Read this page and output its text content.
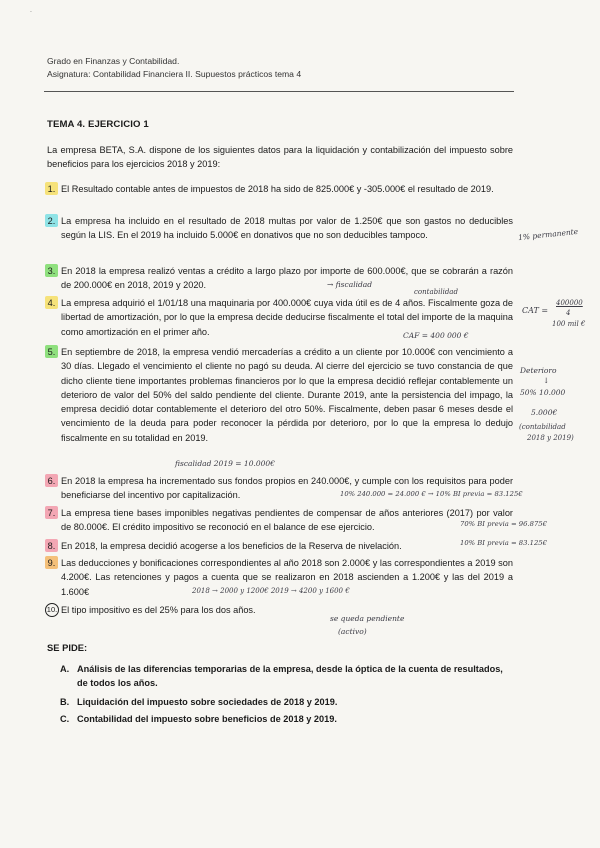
˙
Grado en Finanzas y Contabilidad.
Asignatura: Contabilidad Financiera II. Supuestos prácticos tema 4
TEMA 4. EJERCICIO 1
La empresa BETA, S.A. dispone de los siguientes datos para la liquidación y contabilización del impuesto sobre beneficios para los ejercicios 2018 y 2019:
1. El Resultado contable antes de impuestos de 2018 ha sido de 825.000€ y -305.000€ el resultado de 2019.
2. La empresa ha incluido en el resultado de 2018 multas por valor de 1.250€ que son gastos no deducibles según la LIS. En el 2019 ha incluido 5.000€ en donativos que no son deducibles tampoco.
3. En 2018 la empresa realizó ventas a crédito a largo plazo por importe de 600.000€, que se cobrarán a razón de 200.000€ en 2018, 2019 y 2020.
4. La empresa adquirió el 1/01/18 una maquinaria por 400.000€ cuya vida útil es de 4 años. Fiscalmente goza de libertad de amortización, por lo que la empresa decide deducirse fiscalmente el total del importe de la maquina como amortización en el primer año.
5. En septiembre de 2018, la empresa vendió mercaderías a crédito a un cliente por 10.000€ con vencimiento a 30 días. Llegado el vencimiento el cliente no pagó su deuda. Al cierre del ejercicio se tuvo constancia de que dicho cliente tiene importantes problemas financieros por lo que la empresa decidió reflejar contablemente un deterioro de valor del 50% del saldo pendiente del cliente. Durante 2019, ante la persistencia del impago, la empresa decidió dotar contablemente el deterioro del otro 50%. Fiscalmente, deben pasar 6 meses desde el vencimiento de la deuda para poder reconocer la pérdida por deterioro, por lo que la empresa lo dedujo fiscalmente en su totalidad en 2019.
6. En 2018 la empresa ha incrementado sus fondos propios en 240.000€, y cumple con los requisitos para poder beneficiarse del incentivo por capitalización.
7. La empresa tiene bases imponibles negativas pendientes de compensar de años anteriores (2017) por valor de 80.000€. El crédito impositivo se reconoció en el balance de ese ejercicio.
8. En 2018, la empresa decidió acogerse a los beneficios de la Reserva de nivelación.
9. Las deducciones y bonificaciones correspondientes al año 2018 son 2.000€ y las correspondientes a 2019 son 4.200€. Las retenciones y pagos a cuenta que se realizaron en 2018 ascienden a 1.200€ y las del 2019 a 1.600€
10. El tipo impositivo es del 25% para los dos años.
1% permanente
→ fiscalidad
contabilidad
CAT =
400000
4
100 mil €
CAF = 400 000 €
Deterioro
↓
50% 10.000
5.000€
(contabilidad
2018 y 2019)
fiscalidad 2019 = 10.000€
10% 240.000 = 24.000 € → 10% BI previa = 83.125€
70% BI previa = 96.875€
10% BI previa = 83.125€
2018 → 2000 y 1200€ 2019 → 4200 y 1600 €
se queda pendiente
(activo)
SE PIDE:
A. Análisis de las diferencias temporarias de la empresa, desde la óptica de la cuenta de resultados, de todos los años.
B. Liquidación del impuesto sobre sociedades de 2018 y 2019.
C. Contabilidad del impuesto sobre beneficios de 2018 y 2019.
